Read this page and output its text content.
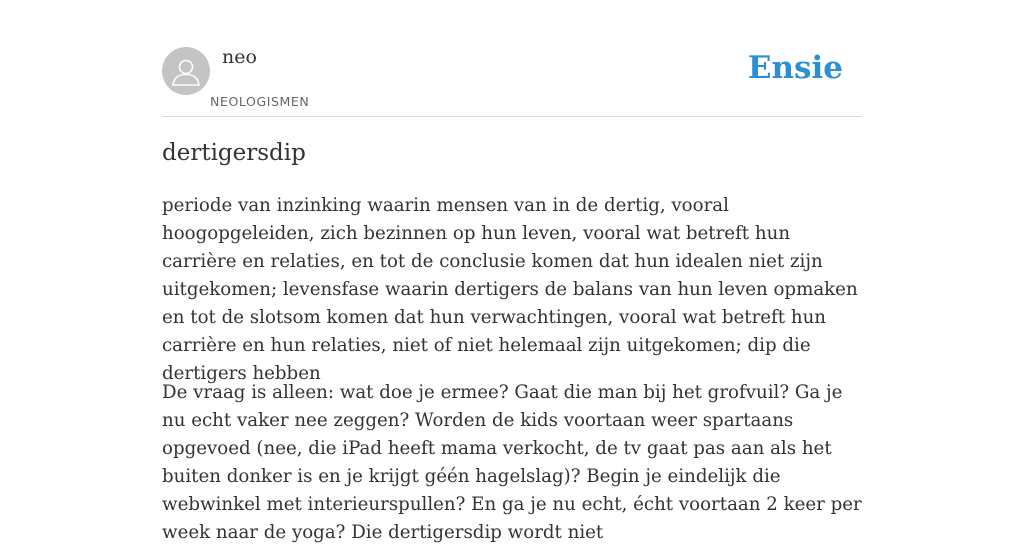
neo
NEOLOGISMEN
Ensie
dertigersdip

periode van inzinking waarin mensen van in de dertig, vooral hoogopgeleiden, zich bezinnen op hun leven, vooral wat betreft hun carrière en relaties, en tot de conclusie komen dat hun idealen niet zijn uitgekomen; levensfase waarin dertigers de balans van hun leven opmaken en tot de slotsom komen dat hun verwachtingen, vooral wat betreft hun carrière en hun relaties, niet of niet helemaal zijn uitgekomen; dip die dertigers hebben

De vraag is alleen: wat doe je ermee? Gaat die man bij het grofvuil? Ga je nu echt vaker nee zeggen? Worden de kids voortaan weer spartaans opgevoed (nee, die iPad heeft mama verkocht, de tv gaat pas aan als het buiten donker is en je krijgt géén hagelslag)? Begin je eindelijk die webwinkel met interieurspullen? En ga je nu echt, écht voortaan 2 keer per week naar de yoga? Die dertigersdip wordt niet
